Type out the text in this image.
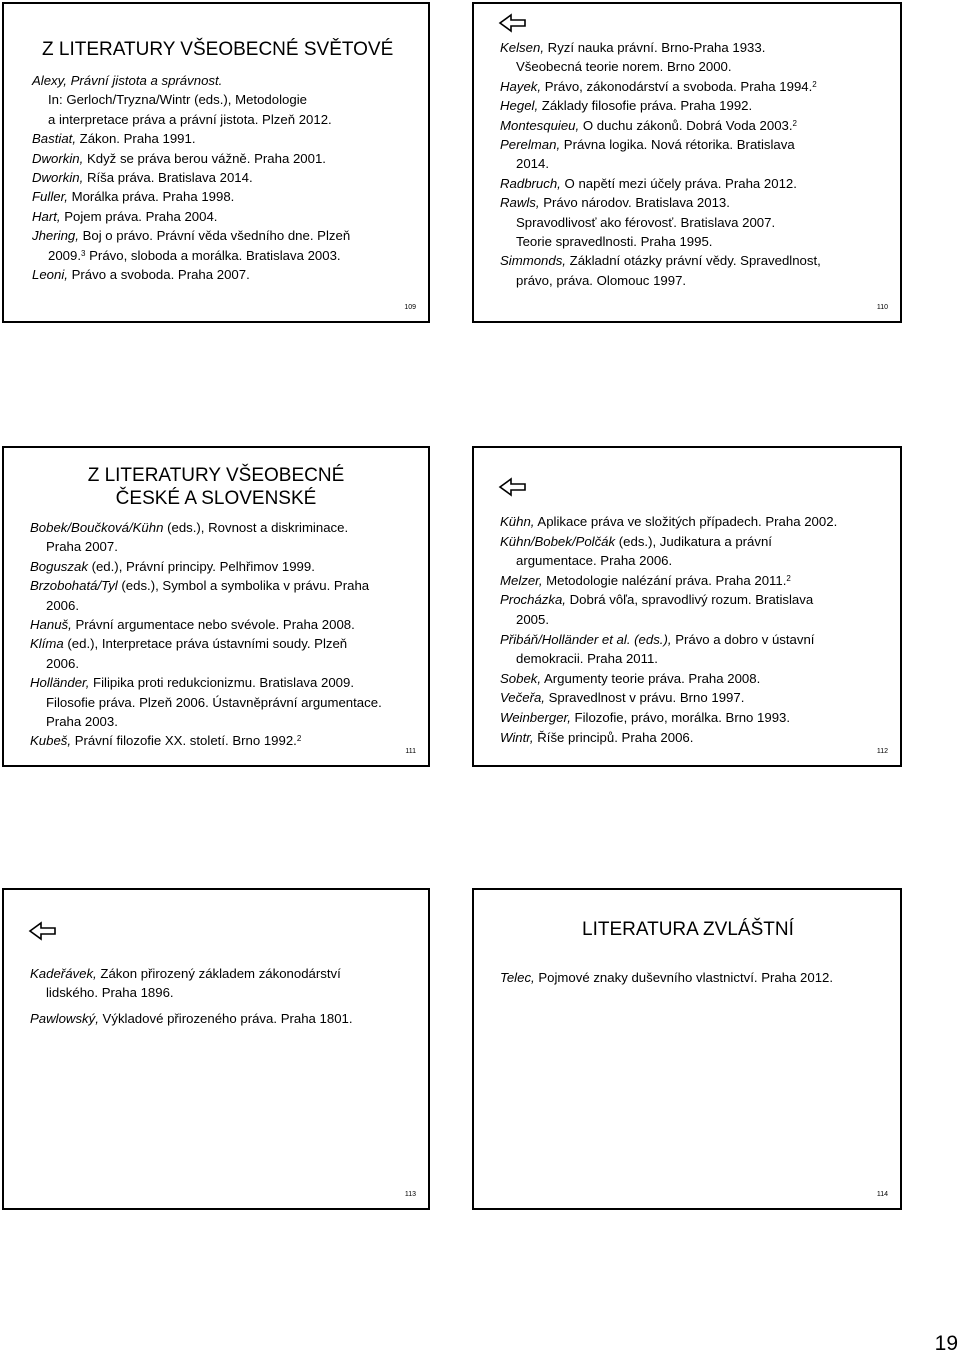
Z LITERATURY VŠEOBECNÉ SVĚTOVÉ
Alexy, Právní jistota a správnost.
In: Gerloch/Tryzna/Wintr (eds.), Metodologie
a interpretace práva a právní jistota. Plzeň 2012.
Bastiat, Zákon. Praha 1991.
Dworkin, Když se práva berou vážně. Praha 2001.
Dworkin, Ríša práva. Bratislava 2014.
Fuller, Morálka práva. Praha 1998.
Hart, Pojem práva. Praha 2004.
Jhering, Boj o právo. Právní věda všedního dne. Plzeň
2009.$^3$ Právo, sloboda a morálka. Bratislava 2003.
Leoni, Právo a svoboda. Praha 2007.
109
Kelsen, Ryzí nauka právní. Brno-Praha 1933.
Všeobecná teorie norem. Brno 2000.
Hayek, Právo, zákonodárství a svoboda. Praha 1994.$^2$
Hegel, Základy filosofie práva. Praha 1992.
Montesquieu, O duchu zákonů. Dobrá Voda 2003.$^2$
Perelman, Právna logika. Nová rétorika. Bratislava
2014.
Radbruch, O napětí mezi účely práva. Praha 2012.
Rawls, Právo národov. Bratislava 2013.
Spravodlivosť ako férovosť. Bratislava 2007.
Teorie spravedlnosti. Praha 1995.
Simmonds, Základní otázky právní vědy. Spravedlnost,
právo, práva. Olomouc 1997.
110
Z LITERATURY VŠEOBECNÉ
ČESKÉ A SLOVENSKÉ
Bobek/Boučková/Kühn (eds.), Rovnost a diskriminace.
Praha 2007.
Boguszak (ed.), Právní principy. Pelhřimov 1999.
Brzobohatá/Tyl (eds.), Symbol a symbolika v právu. Praha
2006.
Hanuš, Právní argumentace nebo svévole. Praha 2008.
Klíma (ed.), Interpretace práva ústavními soudy. Plzeň
2006.
Holländer, Filipika proti redukcionizmu. Bratislava 2009.
Filosofie práva. Plzeň 2006. Ústavněprávní argumentace.
Praha 2003.
Kubeš, Právní filozofie XX. století. Brno 1992.$^2$
111
Kühn, Aplikace práva ve složitých případech. Praha 2002.
Kühn/Bobek/Polčák (eds.), Judikatura a právní
argumentace. Praha 2006.
Melzer, Metodologie nalézání práva. Praha 2011.$^2$
Procházka, Dobrá vôľa, spravodlivý rozum. Bratislava
2005.
Přibáň/Holländer et al. (eds.), Právo a dobro v ústavní
demokracii. Praha 2011.
Sobek, Argumenty teorie práva. Praha 2008.
Večeřa, Spravedlnost v právu. Brno 1997.
Weinberger, Filozofie, právo, morálka. Brno 1993.
Wintr, Říše principů. Praha 2006.
112
Kadeřávek, Zákon přirozený základem zákonodárství
lidského. Praha 1896.
Pawlowský, Výkladové přirozeného práva. Praha 1801.
113
LITERATURA ZVLÁŠTNÍ
Telec, Pojmové znaky duševního vlastnictví. Praha 2012.
114
19
